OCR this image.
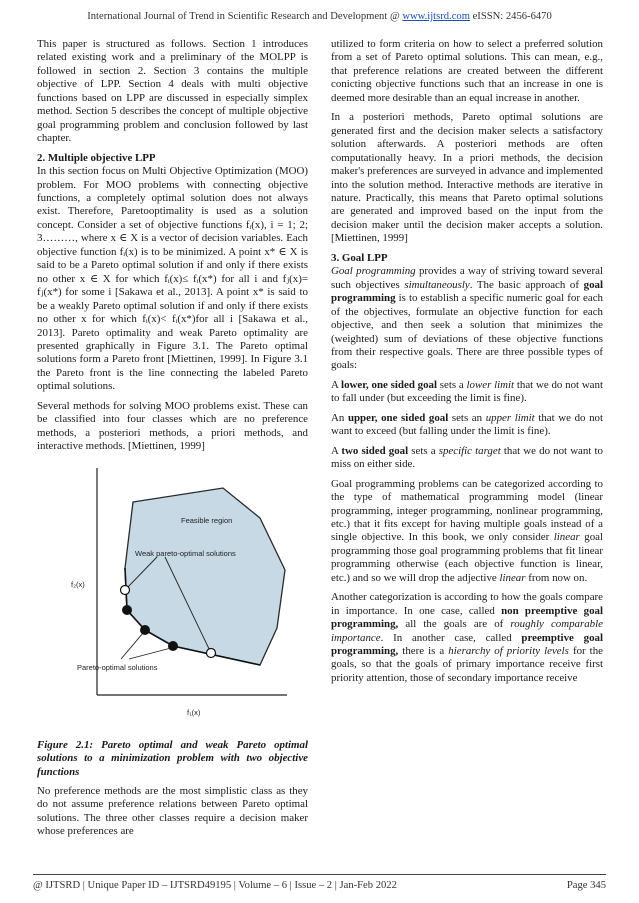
International Journal of Trend in Scientific Research and Development @ www.ijtsrd.com eISSN: 2456-6470

This paper is structured as follows. Section 1 introduces related existing work and a preliminary of the MOLPP is followed in section 2. Section 3 contains the multiple objective of LPP. Section 4 deals with multi objective functions based on LPP are discussed in especially simplex method. Section 5 describes the concept of multiple objective goal programming problem and conclusion followed by last chapter.

2. Multiple objective LPP

In this section focus on Multi Objective Optimization (MOO) problem. For MOO problems with connecting objective functions, a completely optimal solution does not always exist. Therefore, Paretooptimality is used as a solution concept. Consider a set of objective functions fᵢ(x), i = 1; 2; 3………, where x ∈ X is a vector of decision variables. Each objective function fᵢ(x) is to be minimized. A point x* ∈ X is said to be a Pareto optimal solution if and only if there exists no other x ∈ X for which fᵢ(x)≤ fᵢ(x*) for all i and fⱼ(x)= fⱼ(x*) for some i [Sakawa et al., 2013]. A point x* is said to be a weakly Pareto optimal solution if and only if there exists no other x for which fᵢ(x)< fᵢ(x*)for all i [Sakawa et al., 2013]. Pareto optimality and weak Pareto optimality are presented graphically in Figure 3.1. The Pareto optimal solutions form a Pareto front [Miettinen, 1999]. In Figure 3.1 the Pareto front is the line connecting the labeled Pareto optimal solutions.

Several methods for solving MOO problems exist. These can be classified into four classes which are no preference methods, a posteriori methods, a priori methods, and interactive methods. [Miettinen, 1999]

Feasible region
Weak pareto-optimal solutions
Pareto-optimal solutions
f₂(x)
f₁(x)

Figure 2.1: Pareto optimal and weak Pareto optimal solutions to a minimization problem with two objective functions

No preference methods are the most simplistic class as they do not assume preference relations between Pareto optimal solutions. The three other classes require a decision maker whose preferences are

utilized to form criteria on how to select a preferred solution from a set of Pareto optimal solutions. This can mean, e.g., that preference relations are created between the different conicting objective functions such that an increase in one is deemed more desirable than an equal increase in another.

In a posteriori methods, Pareto optimal solutions are generated first and the decision maker selects a satisfactory solution afterwards. A posteriori methods are often computationally heavy. In a priori methods, the decision maker's preferences are surveyed in advance and implemented into the solution method. Interactive methods are iterative in nature. Practically, this means that Pareto optimal solutions are generated and improved based on the input from the decision maker until the decision maker accepts a solution. [Miettinen, 1999]

3. Goal LPP

Goal programming provides a way of striving toward several such objectives simultaneously. The basic approach of goal programming is to establish a specific numeric goal for each of the objectives, formulate an objective function for each objective, and then seek a solution that minimizes the (weighted) sum of deviations of these objective functions from their respective goals. There are three possible types of goals:

A lower, one sided goal sets a lower limit that we do not want to fall under (but exceeding the limit is fine).

An upper, one sided goal sets an upper limit that we do not want to exceed (but falling under the limit is fine).

A two sided goal sets a specific target that we do not want to miss on either side.

Goal programming problems can be categorized according to the type of mathematical programming model (linear programming, integer programming, nonlinear programming, etc.) that it fits except for having multiple goals instead of a single objective. In this book, we only consider linear goal programming those goal programming problems that fit linear programming otherwise (each objective function is linear, etc.) and so we will drop the adjective linear from now on.

Another categorization is according to how the goals compare in importance. In one case, called non preemptive goal programming, all the goals are of roughly comparable importance. In another case, called preemptive goal programming, there is a hierarchy of priority levels for the goals, so that the goals of primary importance receive first priority attention, those of secondary importance receive

@ IJTSRD | Unique Paper ID – IJTSRD49195 | Volume – 6 | Issue – 2 | Jan-Feb 2022	Page 345
